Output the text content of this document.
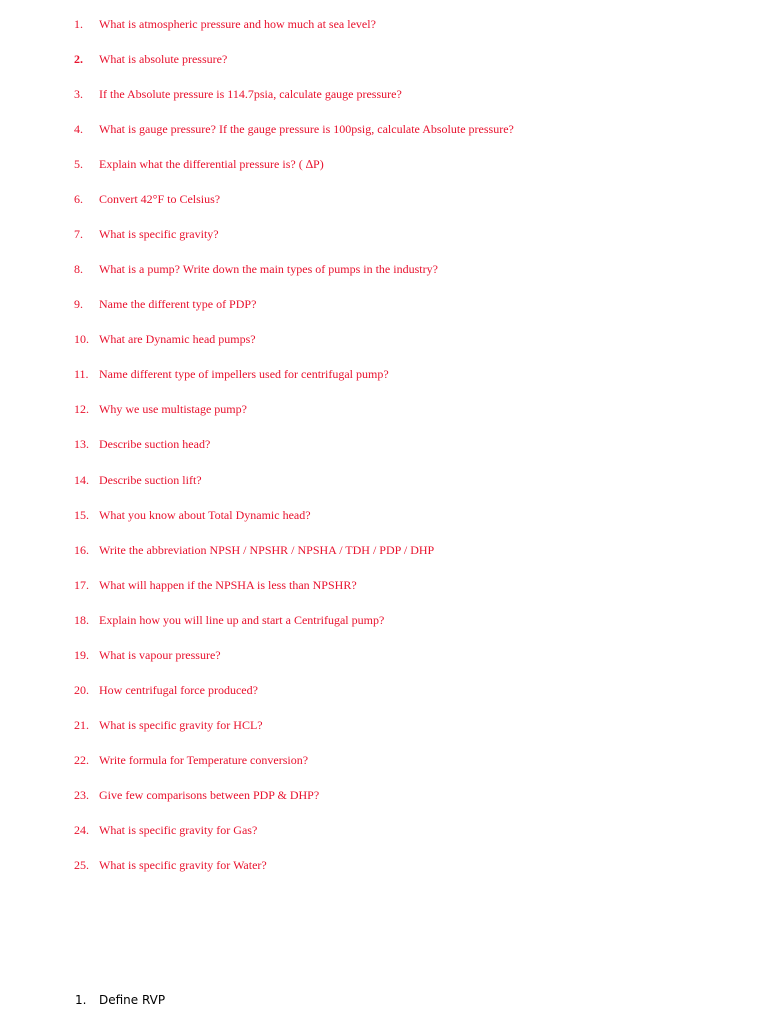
1.	What is atmospheric pressure and how much at sea level?
2.	What is absolute pressure?
3.	If the Absolute pressure is 114.7psia, calculate gauge pressure?
4.	What is gauge pressure? If the gauge pressure is 100psig, calculate Absolute pressure?
5.	Explain what the differential pressure is? ( ∆P)
6.	Convert 42°F to Celsius?
7.	What is specific gravity?
8.	What is a pump? Write down the main types of pumps in the industry?
9.	Name the different type of PDP?
10. What are Dynamic head pumps?
11. Name different type of impellers used for centrifugal pump?
12. Why we use multistage pump?
13. Describe suction head?
14. Describe suction lift?
15. What you know about Total Dynamic head?
16. Write the abbreviation NPSH / NPSHR / NPSHA / TDH / PDP / DHP
17. What will happen if the NPSHA is less than NPSHR?
18. Explain how you will line up and start a Centrifugal pump?
19. What is vapour pressure?
20. How centrifugal force produced?
21. What is specific gravity for HCL?
22. Write formula for Temperature conversion?
23. Give few comparisons between PDP & DHP?
24. What is specific gravity for Gas?
25. What is specific gravity for Water?
1.	Define RVP
